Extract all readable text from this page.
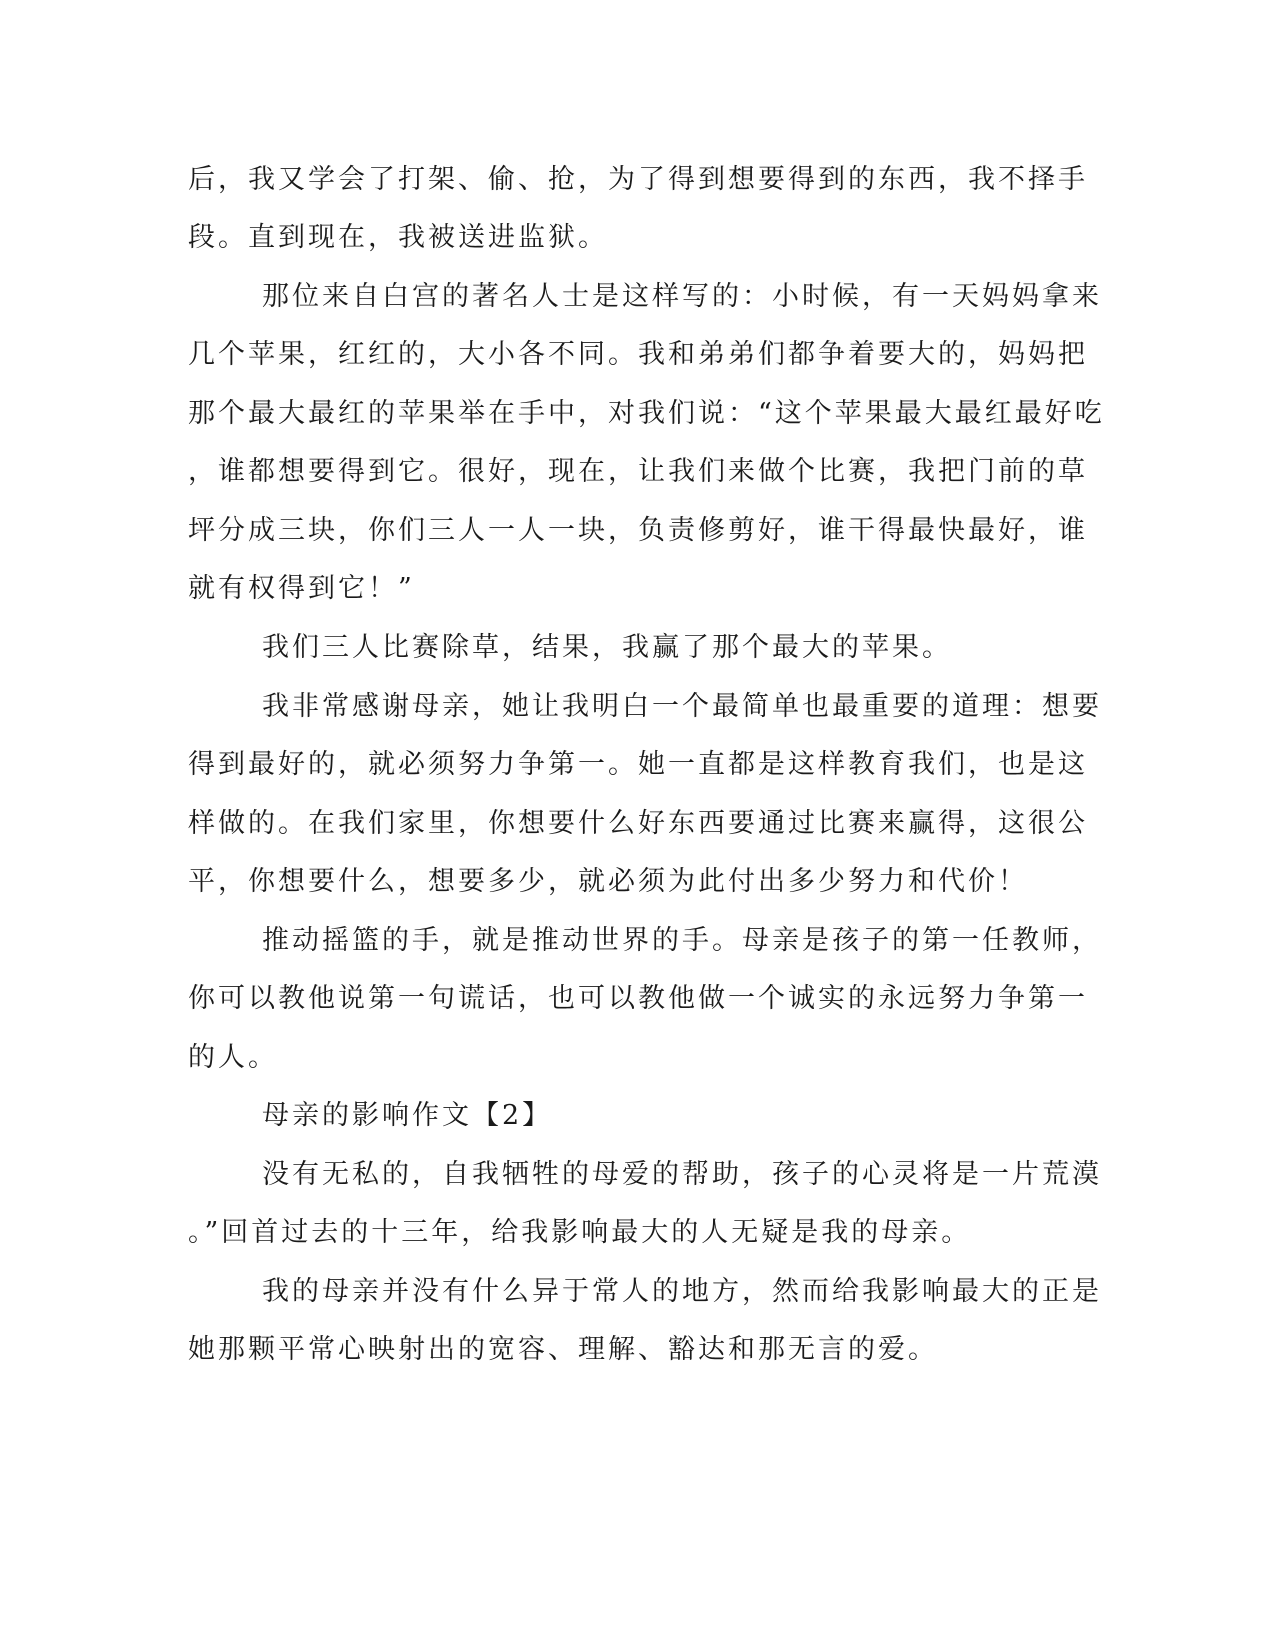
后，我又学会了打架、偷、抢，为了得到想要得到的东西，我不择手
段。直到现在，我被送进监狱。
那位来自白宫的著名人士是这样写的：小时候，有一天妈妈拿来
几个苹果，红红的，大小各不同。我和弟弟们都争着要大的，妈妈把
那个最大最红的苹果举在手中，对我们说：“这个苹果最大最红最好吃
，谁都想要得到它。很好，现在，让我们来做个比赛，我把门前的草
坪分成三块，你们三人一人一块，负责修剪好，谁干得最快最好，谁
就有权得到它！”
我们三人比赛除草，结果，我赢了那个最大的苹果。
我非常感谢母亲，她让我明白一个最简单也最重要的道理：想要
得到最好的，就必须努力争第一。她一直都是这样教育我们，也是这
样做的。在我们家里，你想要什么好东西要通过比赛来赢得，这很公
平，你想要什么，想要多少，就必须为此付出多少努力和代价！
推动摇篮的手，就是推动世界的手。母亲是孩子的第一任教师，
你可以教他说第一句谎话，也可以教他做一个诚实的永远努力争第一
的人。
母亲的影响作文【2】
没有无私的，自我牺牲的母爱的帮助，孩子的心灵将是一片荒漠
。”回首过去的十三年，给我影响最大的人无疑是我的母亲。
我的母亲并没有什么异于常人的地方，然而给我影响最大的正是
她那颗平常心映射出的宽容、理解、豁达和那无言的爱。
